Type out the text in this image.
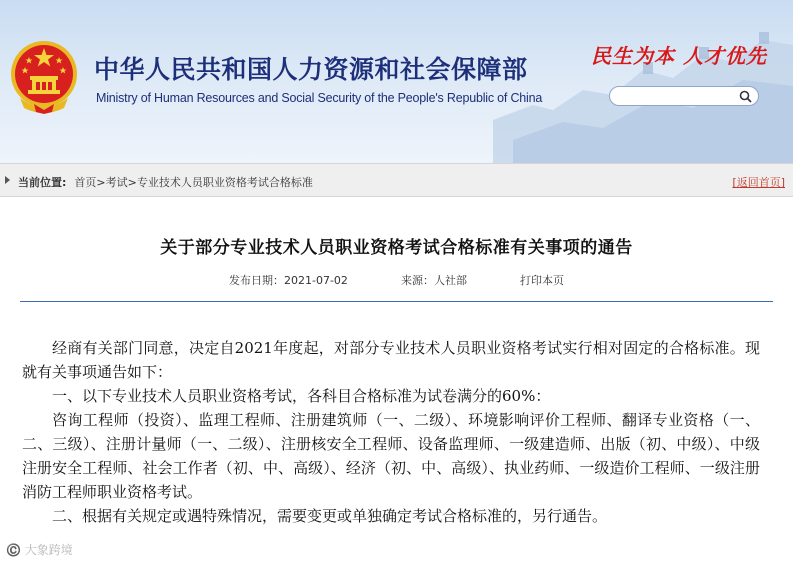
中华人民共和国人力资源和社会保障部
Ministry of Human Resources and Social Security of the People's Republic of China
民生为本 人才优先
当前位置: 首页>考试>专业技术人员职业资格考试合格标准	[返回首页]
关于部分专业技术人员职业资格考试合格标准有关事项的通告
发布日期：2021-07-02	来源：人社部	打印本页

经商有关部门同意，决定自2021年度起，对部分专业技术人员职业资格考试实行相对固定的合格标准。现就有关事项通告如下：

一、以下专业技术人员职业资格考试，各科目合格标准为试卷满分的60%：

咨询工程师（投资）、监理工程师、注册建筑师（一、二级）、环境影响评价工程师、翻译专业资格（一、二、三级）、注册计量师（一、二级）、注册核安全工程师、设备监理师、一级建造师、出版（初、中级）、中级注册安全工程师、社会工作者（初、中、高级）、经济（初、中、高级）、执业药师、一级造价工程师、一级注册消防工程师职业资格考试。

二、根据有关规定或遇特殊情况，需要变更或单独确定考试合格标准的，另行通告。

©️ 大象跨境
